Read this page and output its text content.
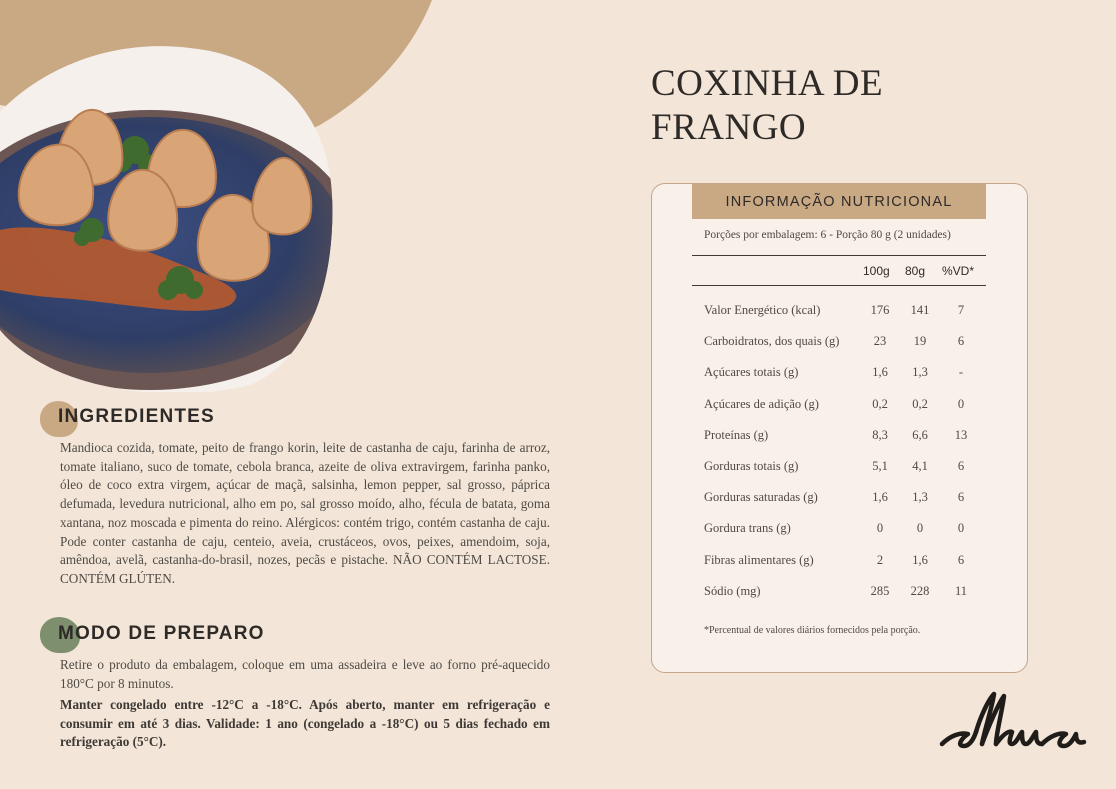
INGREDIENTES

Mandioca cozida, tomate, peito de frango korin, leite de castanha de caju, farinha de arroz, tomate italiano, suco de tomate, cebola branca, azeite de oliva extravirgem, farinha panko, óleo de coco extra virgem, açúcar de maçã, salsinha, lemon pepper, sal grosso, páprica defumada, levedura nutricional, alho em po, sal grosso moído, alho, fécula de batata, goma xantana, noz moscada e pimenta do reino. Alérgicos: contém trigo, contém castanha de caju. Pode conter castanha de caju, centeio, aveia, crustáceos, ovos, peixes, amendoim, soja, amêndoa, avelã, castanha-do-brasil, nozes, pecãs e pistache. NÃO CONTÉM LACTOSE. CONTÉM GLÚTEN.

MODO DE PREPARO

Retire o produto da embalagem, coloque em uma assadeira e leve ao forno pré-aquecido 180°C por 8 minutos.

Manter congelado entre -12°C a -18°C. Após aberto, manter em refrigeração e consumir em até 3 dias. Validade: 1 ano (congelado a -18°C) ou 5 dias fechado em refrigeração (5°C).

COXINHA DE
FRANGO
INFORMAÇÃO NUTRICIONAL
Porções por embalagem: 6 - Porção 80 g (2 unidades)
100g 80g %VD*
Valor Energético (kcal)	176	141	7
Carboidratos, dos quais (g)	23	19	6
Açúcares totais (g)	1,6	1,3	-
Açúcares de adição (g)	0,2	0,2	0
Proteínas (g)	8,3	6,6	13
Gorduras totais (g)	5,1	4,1	6
Gorduras saturadas (g)	1,6	1,3	6
Gordura trans (g)	0	0	0
Fibras alimentares (g)	2	1,6	6
Sódio (mg)	285	228	11
*Percentual de valores diários fornecidos pela porção.
